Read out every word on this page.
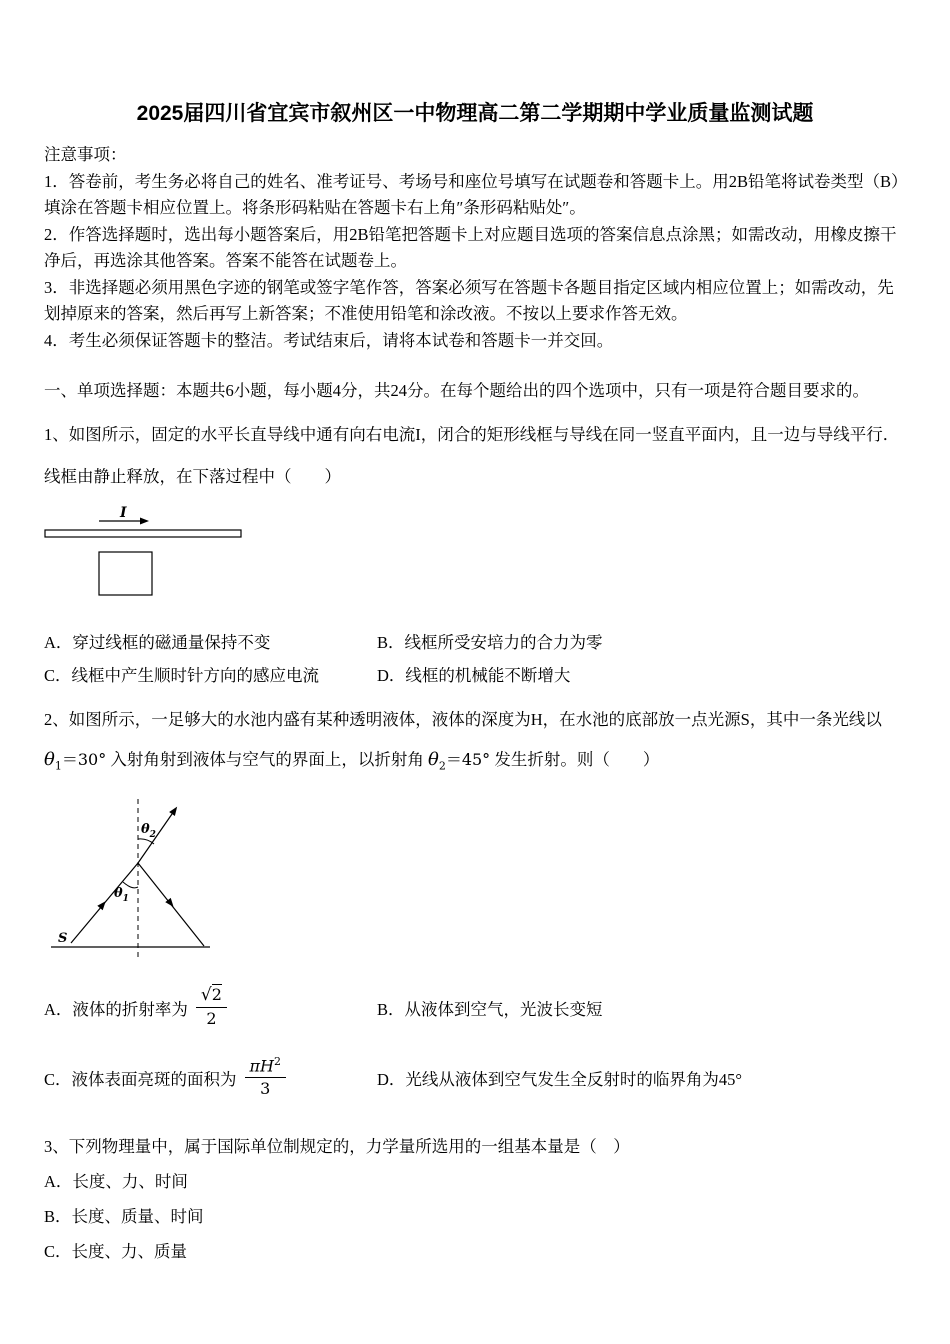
2025届四川省宜宾市叙州区一中物理高二第二学期期中学业质量监测试题

注意事项：

1．答卷前，考生务必将自己的姓名、准考证号、考场号和座位号填写在试题卷和答题卡上。用2B铅笔将试卷类型（B）填涂在答题卡相应位置上。将条形码粘贴在答题卡右上角″条形码粘贴处″。

2．作答选择题时，选出每小题答案后，用2B铅笔把答题卡上对应题目选项的答案信息点涂黑；如需改动，用橡皮擦干净后，再选涂其他答案。答案不能答在试题卷上。

3．非选择题必须用黑色字迹的钢笔或签字笔作答，答案必须写在答题卡各题目指定区域内相应位置上；如需改动，先划掉原来的答案，然后再写上新答案；不准使用铅笔和涂改液。不按以上要求作答无效。

4．考生必须保证答题卡的整洁。考试结束后，请将本试卷和答题卡一并交回。

一、单项选择题：本题共6小题，每小题4分，共24分。在每个题给出的四个选项中，只有一项是符合题目要求的。

1、如图所示，固定的水平长直导线中通有向右电流I，闭合的矩形线框与导线在同一竖直平面内，且一边与导线平行．

线框由静止释放，在下落过程中（　　）

I
A．穿过线框的磁通量保持不变	B．线框所受安培力的合力为零
C．线框中产生顺时针方向的感应电流	D．线框的机械能不断增大

2、如图所示，一足够大的水池内盛有某种透明液体，液体的深度为H，在水池的底部放一点光源S，其中一条光线以

$\theta_1=30^\circ$ 入射角射到液体与空气的界面上，以折射角 $\theta_2=45^\circ$ 发生折射。则（　　）

$\theta_2$
$\theta_1$
S
A．液体的折射率为 $\frac{√2}{2}$	B．从液体到空气，光波长变短
C．液体表面亮斑的面积为 $\frac{\pi H^2}{3}$	D．光线从液体到空气发生全反射时的临界角为45°

3、下列物理量中，属于国际单位制规定的，力学量所选用的一组基本量是（　）

A．长度、力、时间

B．长度、质量、时间

C．长度、力、质量
